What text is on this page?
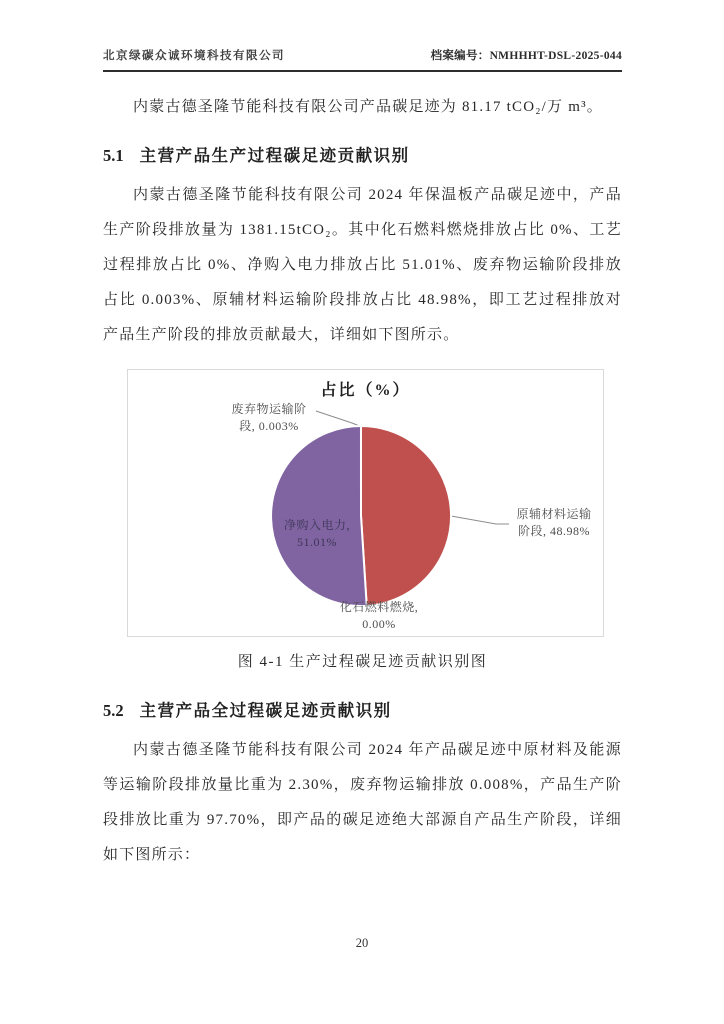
北京绿碳众诚环境科技有限公司	档案编号：NMHHHT-DSL-2025-044

内蒙古德圣隆节能科技有限公司产品碳足迹为 81.17 tCO₂/万 m³。

5.1 主营产品生产过程碳足迹贡献识别

内蒙古德圣隆节能科技有限公司 2024 年保温板产品碳足迹中，产品生产阶段排放量为 1381.15tCO₂。其中化石燃料燃烧排放占比 0%、工艺过程排放占比 0%、净购入电力排放占比 51.01%、废弃物运输阶段排放占比 0.003%、原辅材料运输阶段排放占比 48.98%，即工艺过程排放对产品生产阶段的排放贡献最大，详细如下图所示。

占比（%）
废弃物运输阶
段, 0.003%
净购入电力,
51.01%
原辅材料运输
阶段, 48.98%
化石燃料燃烧,
0.00%
图 4-1 生产过程碳足迹贡献识别图
5.2 主营产品全过程碳足迹贡献识别

内蒙古德圣隆节能科技有限公司 2024 年产品碳足迹中原材料及能源等运输阶段排放量比重为 2.30%，废弃物运输排放 0.008%，产品生产阶段排放比重为 97.70%，即产品的碳足迹绝大部源自产品生产阶段，详细如下图所示：

20
